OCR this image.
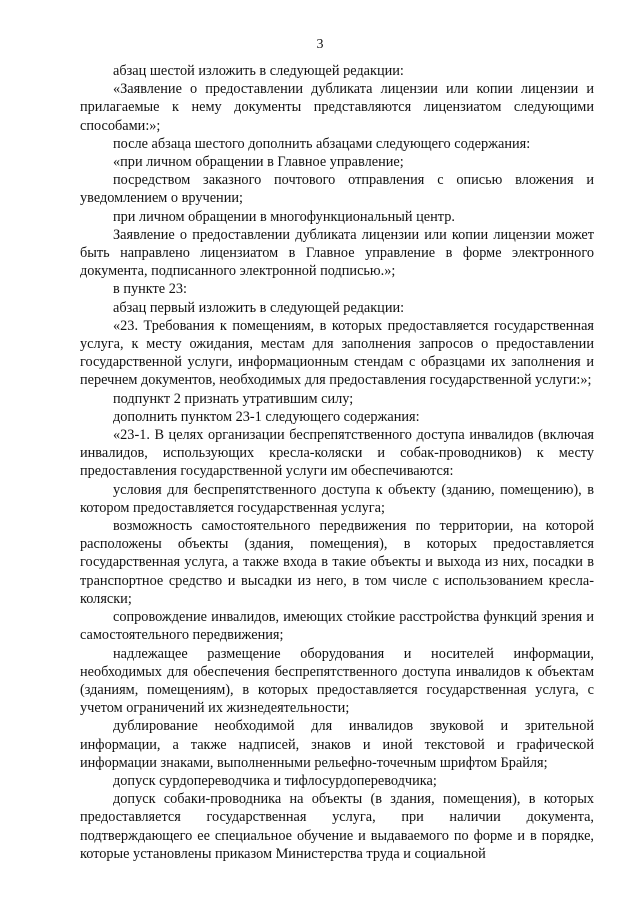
3

абзац шестой изложить в следующей редакции:

«Заявление о предоставлении дубликата лицензии или копии лицензии и прилагаемые к нему документы представляются лицензиатом следующими способами:»;

после абзаца шестого дополнить абзацами следующего содержания:

«при личном обращении в Главное управление;

посредством заказного почтового отправления с описью вложения и уведомлением о вручении;

при личном обращении в многофункциональный центр.

Заявление о предоставлении дубликата лицензии или копии лицензии может быть направлено лицензиатом в Главное управление в форме электронного документа, подписанного электронной подписью.»;

в пункте 23:

абзац первый изложить в следующей редакции:

«23. Требования к помещениям, в которых предоставляется государственная услуга, к месту ожидания, местам для заполнения запросов о предоставлении государственной услуги, информационным стендам с образцами их заполнения и перечнем документов, необходимых для предоставления государственной услуги:»;

подпункт 2 признать утратившим силу;

дополнить пунктом 23-1 следующего содержания:

«23-1. В целях организации беспрепятственного доступа инвалидов (включая инвалидов, использующих кресла-коляски и собак-проводников) к месту предоставления государственной услуги им обеспечиваются:

условия для беспрепятственного доступа к объекту (зданию, помещению), в котором предоставляется государственная услуга;

возможность самостоятельного передвижения по территории, на которой расположены объекты (здания, помещения), в которых предоставляется государственная услуга, а также входа в такие объекты и выхода из них, посадки в транспортное средство и высадки из него, в том числе с использованием кресла-коляски;

сопровождение инвалидов, имеющих стойкие расстройства функций зрения и самостоятельного передвижения;

надлежащее размещение оборудования и носителей информации, необходимых для обеспечения беспрепятственного доступа инвалидов к объектам (зданиям, помещениям), в которых предоставляется государственная услуга, с учетом ограничений их жизнедеятельности;

дублирование необходимой для инвалидов звуковой и зрительной информации, а также надписей, знаков и иной текстовой и графической информации знаками, выполненными рельефно-точечным шрифтом Брайля;

допуск сурдопереводчика и тифлосурдопереводчика;

допуск собаки-проводника на объекты (в здания, помещения), в которых предоставляется государственная услуга, при наличии документа, подтверждающего ее специальное обучение и выдаваемого по форме и в порядке, которые установлены приказом Министерства труда и социальной
